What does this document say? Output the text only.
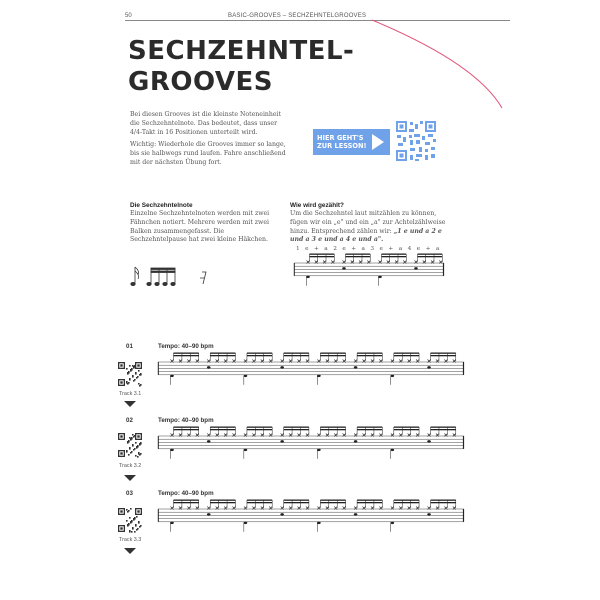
50	BASIC-GROOVES – SECHZEHNTELGROOVES
SECHZEHNTEL-
GROOVES
Bei diesen Grooves ist die kleinste Noteneinheit die Sechzehntelnote. Das bedeutet, dass unser 4/4-Takt in 16 Positionen unterteilt wird.
Wichtig: Wiederhole die Grooves immer so lange, bis sie halbwegs rund laufen. Fahre anschließend mit der nächsten Übung fort.
HIER GEHT'S
ZUR LESSON!
Die Sechzehntelnote
Einzelne Sechzehntelnoten werden mit zwei Fähnchen notiert. Mehrere werden mit zwei Balken zusammengefasst. Die Sechzehntelpause hat zwei kleine Häkchen.
Wie wird gezählt?
Um die Sechzehntel laut mitzählen zu können, fügen wir ein „e" und ein „a" zur Achtelzählweise hinzu. Entsprechend zählen wir: „1 e und a 2 e und a 3 e und a 4 e und a".
1 e + a 2 e + a 3 e + a 4 e + a
01	Tempo: 40–90 bpm
Track 3.1
02	Tempo: 40–90 bpm
Track 3.2
03	Tempo: 40–90 bpm
Track 3.3
